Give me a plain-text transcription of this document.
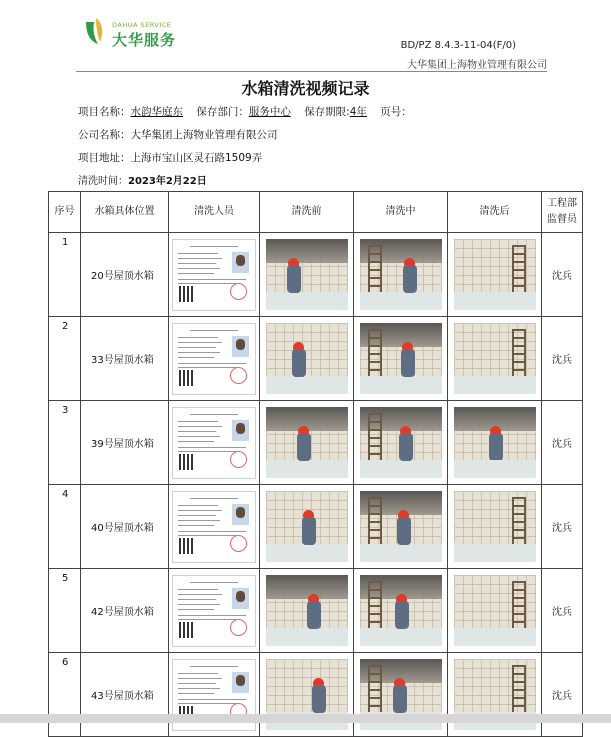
DAHUA SERVICE
大华服务	BD/PZ 8.4.3-11-04(F/0)
大华集团上海物业管理有限公司
水箱清洗视频记录
项目名称：水韵华庭东 保存部门：服务中心 保存期限:4年 页号：
公司名称：大华集团上海物业管理有限公司
项目地址：上海市宝山区灵石路1509弄
清洗时间：2023年2月22日
序号	水箱具体位置	清洗人员	清洗前	清洗中	清洗后	工程部
监督员
1	20号屋顶水箱					沈兵
2	33号屋顶水箱					沈兵
3	39号屋顶水箱					沈兵
4	40号屋顶水箱					沈兵
5	42号屋顶水箱					沈兵
6	43号屋顶水箱					沈兵
